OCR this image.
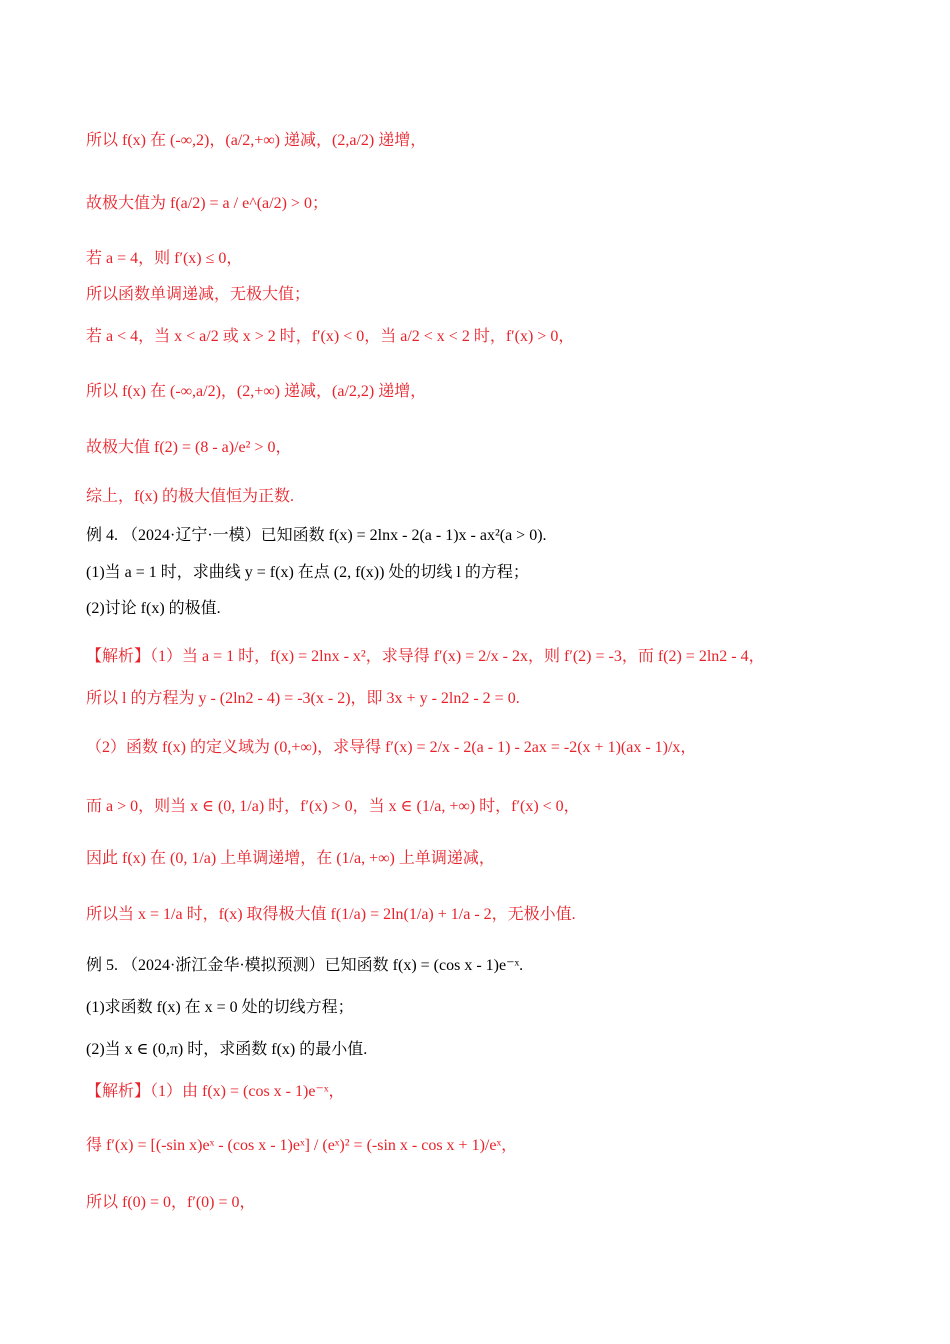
所以 f(x) 在 (-∞,2)，(a/2,+∞) 递减，(2,a/2) 递增，
故极大值为 f(a/2) = a / e^(a/2) > 0；
若 a = 4，则 f′(x) ≤ 0，
所以函数单调递减，无极大值；
若 a < 4，当 x < a/2 或 x > 2 时，f′(x) < 0，当 a/2 < x < 2 时，f′(x) > 0，
所以 f(x) 在 (-∞,a/2)，(2,+∞) 递减，(a/2,2) 递增，
故极大值 f(2) = (8 - a)/e² > 0，
综上，f(x) 的极大值恒为正数.
例 4. （2024·辽宁·一模）已知函数 f(x) = 2lnx - 2(a - 1)x - ax²(a > 0).
(1)当 a = 1 时，求曲线 y = f(x) 在点 (2, f(x)) 处的切线 l 的方程；
(2)讨论 f(x) 的极值.
【解析】（1）当 a = 1 时，f(x) = 2lnx - x²，求导得 f′(x) = 2/x - 2x，则 f′(2) = -3，而 f(2) = 2ln2 - 4，
所以 l 的方程为 y - (2ln2 - 4) = -3(x - 2)，即 3x + y - 2ln2 - 2 = 0.
（2）函数 f(x) 的定义域为 (0,+∞)，求导得 f′(x) = 2/x - 2(a - 1) - 2ax = -2(x + 1)(ax - 1)/x，
而 a > 0，则当 x ∈ (0, 1/a) 时，f′(x) > 0，当 x ∈ (1/a, +∞) 时，f′(x) < 0，
因此 f(x) 在 (0, 1/a) 上单调递增，在 (1/a, +∞) 上单调递减，
所以当 x = 1/a 时，f(x) 取得极大值 f(1/a) = 2ln(1/a) + 1/a - 2，无极小值.
例 5. （2024·浙江金华·模拟预测）已知函数 f(x) = (cos x - 1)e⁻ˣ.
(1)求函数 f(x) 在 x = 0 处的切线方程；
(2)当 x ∈ (0,π) 时，求函数 f(x) 的最小值.
【解析】（1）由 f(x) = (cos x - 1)e⁻ˣ，
得 f′(x) = [(-sin x)eˣ - (cos x - 1)eˣ] / (eˣ)² = (-sin x - cos x + 1)/eˣ，
所以 f(0) = 0，f′(0) = 0，
